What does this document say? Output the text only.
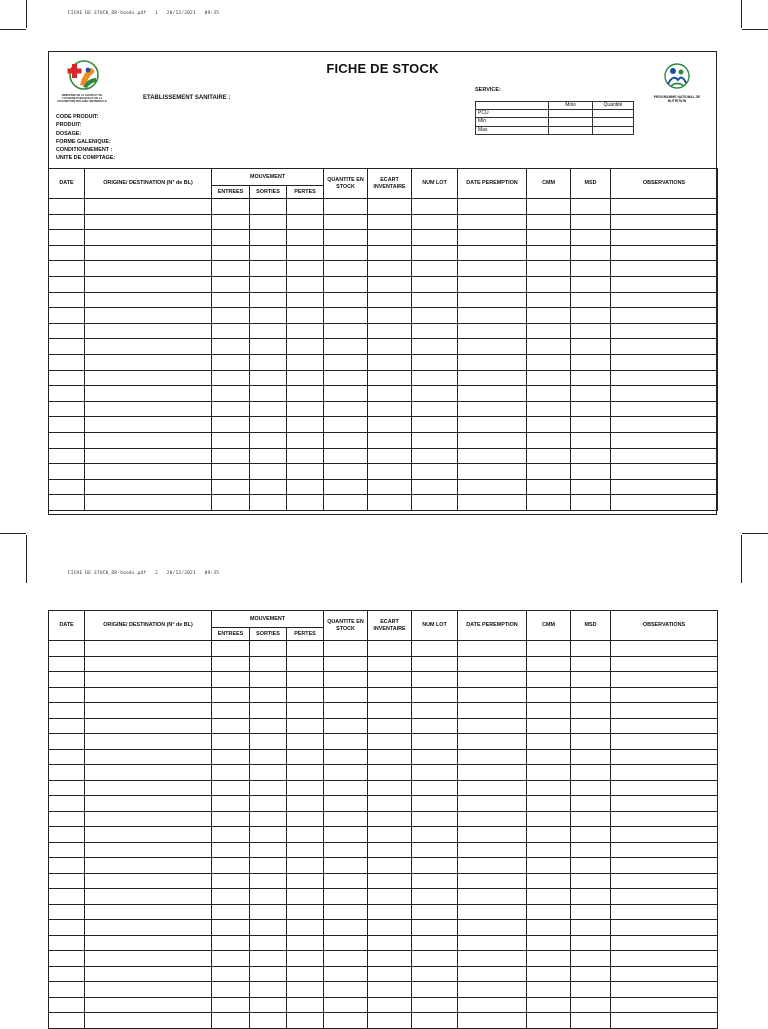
FICHE DE STOCK_DR-hoods.pdf 1 20/12/2021 09:35

FICHE DE STOCK_DR-hoods.pdf 2 20/12/2021 09:35

MINISTERE DE LA SANTE ET DE L'HYGIENE PUBLIQUE ET DE LA COUVERTURE MALADIE UNIVERSELLE
FICHE DE STOCK
ETABLISSEMENT SANITAIRE :
SERVICE:
CODE PRODUIT:
PRODUIT:
DOSAGE:
FORME GALENIQUE:
CONDITIONNEMENT :
UNITE DE COMPTAGE:
	Mois	Quantité
PCU		
Min		
Max		
PROGRAMME NATIONAL DE NUTRITION
DATE	ORIGINE/ DESTINATION (N° de BL)	MOUVEMENT			QUANTITE EN STOCK	ECART INVENTAIRE	NUM LOT	DATE PEREMPTION	CMM	MSD	OBSERVATIONS
		ENTREES	SORTIES	PERTES							

DATE	ORIGINE/ DESTINATION (N° de BL)	MOUVEMENT			QUANTITE EN STOCK	ECART INVENTAIRE	NUM LOT	DATE PEREMPTION	CMM	MSD	OBSERVATIONS
		ENTREES	SORTIES	PERTES							
